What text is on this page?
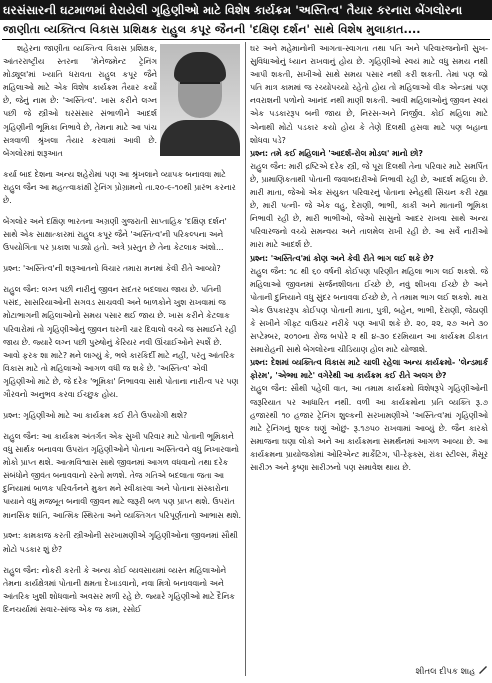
ઘરસંસારની ઘટમાળમાં ઘેરાયેલી ગૃહિણીઓ માટે વિશેષ કાર્યક્રમ 'અસ્તિત્વ' તૈયાર કરનારા બેંગલોરના
જાણીતા વ્યક્તિત્વ વિકાસ પ્રશિક્ષક રાહુલ કપૂર જૈનની 'દક્ષિણ દર્શન' સાથે વિશેષ મુલાકાત....

શહેરના જાણીતા વ્યક્તિત્વ વિકાસ પ્રશિક્ષક, આંતરરાષ્ટ્રીય સ્તરના 'મેનેજમેન્ટ ટ્રેનિંગ મોડ્યૂલ'માં ખ્યાતિ ધરાવતા રાહુલ કપૂર જૈને મહિલાઓ માટે એક વિશેષ કાર્યક્રમ તૈયાર કર્યો છે, જેનું નામ છે: 'અસ્તિત્વ'. ખાસ કરીને લગ્ન પછી જે સ્ત્રીઓ ઘરસંસાર સંભાળીને આદર્શ ગૃહિણીની ભૂમિકા નિભાવે છે, તેમના માટે આ પાંચ સત્રવાળી શ્રૃંખલા તૈયાર કરવામાં આવી છે. બેંગલોરમાં શરૂઆત

કર્યા બાદ દેશના અન્ય શહેરોમાં પણ આ શ્રૃંખલાને વ્યાપક બનાવવા માટે રાહુલ જૈન આ મહત્ત્વાકાંક્ષી ટ્રેનિંગ પ્રોગ્રામનો તા.૨૦-૯-૧૦થી પ્રારંભ કરનાર છે.

બેંગલોર અને દક્ષિણ ભારતના અગ્રણી ગુજરાતી સાપ્તાહિક 'દક્ષિણ દર્શન' સાથે એક સાક્ષાત્કારમાં રાહુલ કપૂર જૈને 'અસ્તિત્વ'ની પરિકલ્પના અને ઉપયોગિતા પર પ્રકાશ પાડ્યો હતો. અત્રે પ્રસ્તુત છે તેના કેટલાક અંશો...

પ્રશ્ન: 'અસ્તિત્વ'ની શરૂઆતનો વિચાર તમારા મનમાં કેવી રીતે આવ્યો?

રાહુલ જૈન: લગ્ન પછી નારીનું જીવન સદંતર બદલાય જાય છે. પતિની પસંદ, સાસરિયાઓની સગવડ સાચવવી અને બાળકોને ખુશ રાખવામાં જ મોટાભાગની મહિલાઓનો સમય પસાર થઈ જાય છે. ખાસ કરીને કેટલાક પરિવારોમાં તો ગૃહિણીઓનું જીવન ઘરની ચાર દિવાલો વચ્ચે જ સમાઈને રહી જાય છે. જ્યારે લગ્ન પછી પુરુષોનું કેરિયર નવી ઊંચાઈઓને સ્પર્શે છે. આવો ફરક શા માટે? મને લાગ્યું કે, ભલે કારકિર્દી માટે નહીં, પરંતુ આંતરિક વિકાસ માટે તો મહિલાઓ આગળ વધી જ શકે છે. 'અસ્તિત્વ' એવી ગૃહિણીઓ માટે છે, જે દરેક 'ભૂમિકા' નિભાવવા સાથે પોતાના નારીત્વ પર પણ ગૌરવનો અનુભવ કરવા ઈચ્છુક હોય.

પ્રશ્ન: ગૃહિણીઓ માટે આ કાર્યક્રમ કઈ રીતે ઉપયોગી થશે?

રાહુલ જૈન: આ કાર્યક્રમ અંતર્ગત એક સુખી પરિવાર માટે પોતાની ભૂમિકાને વધુ સાર્થક બનાવવા ઉપરાંત ગૃહિણીઓને પોતાના અસ્તિત્વને વધુ નિખારવાનો મોકો પ્રાપ્ત થશે. આત્મવિશ્વાસ સાથે જીવનમાં આગળ વધવાનો તથા દરેક સંબંધોને જીવંત બનાવવાનો રસ્તો મળશે. તેજ ગતિએ બદલાતા જતા આ દુનિયામાં બાળક પરિવર્તનને મુક્ત મને સ્વીકારવા અને પોતાના સંસ્કારોના પાયાને વધુ મજબૂત બનાવી જીવન માટે જરૂરી બળ પણ પ્રાપ્ત થશે. ઉપરાંત માનસિક શાંતિ, આત્મિક સ્થિરતા અને વ્યક્તિગત પરિપૂર્ણતાનો આભાસ થશે.

પ્રશ્ન: કામકાજ કરતી સ્ત્રીઓની સરખામણીએ ગૃહિણીઓના જીવનમાં સૌથી મોટો પડકાર શું છે?

રાહુલ જૈન: નોકરી કરતી કે અન્ય કોઈ વ્યવસાયમાં વ્યસ્ત મહિલાઓને તેમના કાર્યક્ષેત્રમાં પોતાની ક્ષમતા દેખાડવાનો, નવા મિત્રો બનાવવાનો અને આંતરિક ખુશી શોધવાનો અવસર મળી રહે છે. જ્યારે ગૃહિણીઓ માટે દૈનિક દિનચર્યામાં સવાર-સાંજ એક જ કામ, રસોઈ

ઘર અને મહેમાનોની આગતા-સ્વાગતા તથા પતિ અને પરિવારજનોની સુખ-સુવિધાઓનું ધ્યાન રાખવાનું હોય છે. ગૃહિણીઓ સ્વયં માટે વધુ સમય નથી આપી શકતી, સખીઓ સાથે સમય પસાર નથી કરી શકતી. તેમાં પણ જો પતિ માત્ર કામમાં જ રચ્યોપચ્યો રહેતો હોય તો મહિલાઓ વીક એન્ડમાં પણ નવરાશની પળોનો આનંદ નથી માણી શકતી. આવી મહિલાઓનું જીવન સ્વયં એક પડકારરૂપ બની જાય છે, નિરસ-અને નિર્જીવ. કોઈ મહિલા માટે એનાથી મોટો પડકાર કયો હોય કે તેણે દિલથી હસવા માટે પણ બહાના શોધવા પડે?

પ્રશ્ન: તમે કઈ મહિલાને 'આદર્શ-રોલ મોડલ' માનો છો?

રાહુલ જૈન: મારી દ્રષ્ટિએ દરેક સ્ત્રી, જે પૂરા દિલથી તેના પરિવાર માટે સમર્પિત છે, પ્રામાણિકતાથી પોતાની જવાબદારીઓ નિભાવી રહી છે, આદર્શ મહિલા છે. મારી માતા, જેઓ એક સંયુક્ત પરિવારનું પોતાના સ્નેહથી સિંચન કરી રહ્યા છે, મારી પત્ની- જે એક વહુ, દેરાણી, ભાભી, કાકી અને માતાની ભૂમિકા નિભાવી રહી છે, મારી ભાભીઓ, જેઓ સાસુનો આદર રાખવા સાથે અન્ય પરિવારજનો વચ્ચે સમન્વય અને તાલમેલ રાખી રહી છે. આ સર્વે નારીઓ મારા માટે આદર્શ છે.

પ્રશ્ન: 'અસ્તિત્વ'માં કોણ અને કેવી રીતે ભાગ લઈ શકે છે?

રાહુલ જૈન: ૧૮ થી ૬૦ વર્ષની કોઈપણ પરિણીત મહિલા ભાગ લઈ શકશે. જે મહિલાઓ જીવનમાં સર્જનશીલતા ઈચ્છે છે, નવું શીખવા ઈચ્છે છે અને પોતાની દુનિયાને વધુ સુંદર બનાવવા ઈચ્છે છે, તે તમામ ભાગ લઈ શકશે. મારા એક ઉપકારરૂપ કોઈપણ પોતાની માતા, પુત્રી, બહેન, ભાભી, દેરાણી, જેઠાણી કે સખીને ગીફ્ટ વાઉચર નરીકે પણ આપી શકે છે. ૨૦, ૨૨, ૨૭ અને ૩૦ સપ્ટેમ્બર, ૨૦૧૦ના રોજ બપોરે ૨ થી ૪-૩૦ દરમિયાન આ કાર્યક્રમ ઠીકાત સમારોહની સાથે બેંગલોરના ચીડિયાણ હોલ માટે યોજાશે.

પ્રશ્ન: દેશમાં વ્યક્તિત્વ વિકાસ માટે ચાલી રહેલા અન્ય કાર્યક્રમો- 'લેન્ડમાર્ક ફોરમ', 'એભ્મા માટે' વગેરેથી આ કાર્યક્રમ કઈ રીતે અલગ છે?

રાહુલ જૈન: સૌથી પહેલી વાત, આ તમામ કાર્યક્રમો વિશેષરૂપે ગૃહિણીઓની જરૂરિયાત પર આધારિત નથી. વળી આ કાર્યક્રમોના પ્રતિ વ્યક્તિ રૂ.૭ હજારથી ૧૦ હજાર ટ્રેનિંગ શુલ્કની સરખામણીએ 'અસ્તિત્વ'માં ગૃહિણીઓ માટે ટ્રેનિંગનું શુલ્ક ઘણું ઓછું- રૂ.૧૭૫૦ રાખવામાં આવ્યું છે. જૈન કારકો સમાજના ઘણા લોકો અને આ કાર્યક્રમના સમર્થનમાં આગળ આવ્યા છે. આ કાર્યક્રમના પ્રાયોજકોમાં ઓરિએન્ટ માર્કેટિંગ, પી-રેફ્ક્સ, રાંકા સ્ટીલ્સ, મૈસૂર સારીઝ અને કૃષ્ણા સારીઝનો પણ સમાવેશ થાય છે.

શીતલ દીપક શાહ
